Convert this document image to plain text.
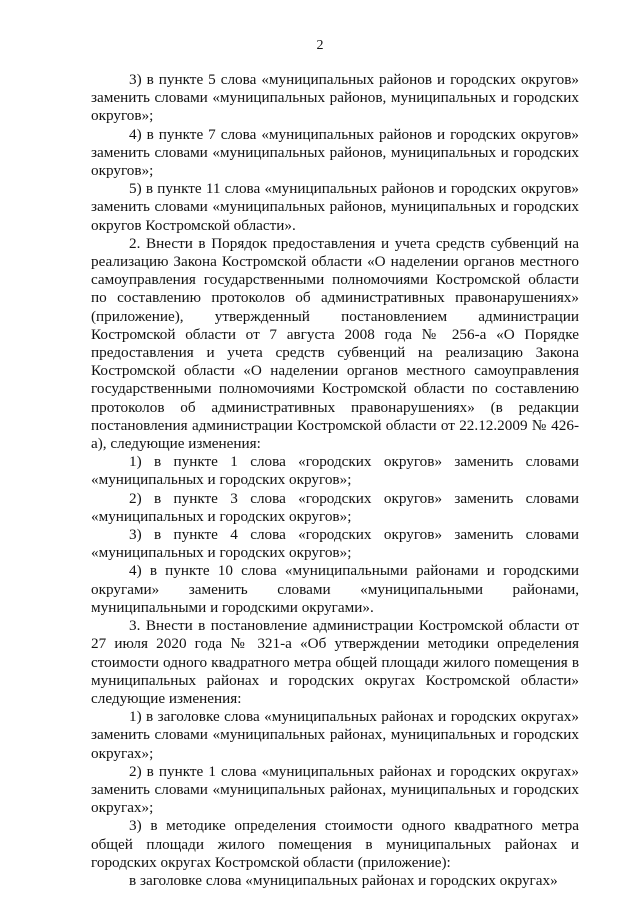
2

3) в пункте 5 слова «муниципальных районов и городских округов» заменить словами «муниципальных районов, муниципальных и городских округов»;

4) в пункте 7 слова «муниципальных районов и городских округов» заменить словами «муниципальных районов, муниципальных и городских округов»;

5) в пункте 11 слова «муниципальных районов и городских округов» заменить словами «муниципальных районов, муниципальных и городских округов Костромской области».

2. Внести в Порядок предоставления и учета средств субвенций на реализацию Закона Костромской области «О наделении органов местного самоуправления государственными полномочиями Костромской области по составлению протоколов об административных правонарушениях» (приложение), утвержденный постановлением администрации Костромской области от 7 августа 2008 года № 256-а «О Порядке предоставления и учета средств субвенций на реализацию Закона Костромской области «О наделении органов местного самоуправления государственными полномочиями Костромской области по составлению протоколов об административных правонарушениях» (в редакции постановления администрации Костромской области от 22.12.2009 № 426-а), следующие изменения:

1) в пункте 1 слова «городских округов» заменить словами «муниципальных и городских округов»;

2) в пункте 3 слова «городских округов» заменить словами «муниципальных и городских округов»;

3) в пункте 4 слова «городских округов» заменить словами «муниципальных и городских округов»;

4) в пункте 10 слова «муниципальными районами и городскими округами» заменить словами «муниципальными районами, муниципальными и городскими округами».

3. Внести в постановление администрации Костромской области от 27 июля 2020 года № 321-а «Об утверждении методики определения стоимости одного квадратного метра общей площади жилого помещения в муниципальных районах и городских округах Костромской области» следующие изменения:

1) в заголовке слова «муниципальных районах и городских округах» заменить словами «муниципальных районах, муниципальных и городских округах»;

2) в пункте 1 слова «муниципальных районах и городских округах» заменить словами «муниципальных районах, муниципальных и городских округах»;

3) в методике определения стоимости одного квадратного метра общей площади жилого помещения в муниципальных районах и городских округах Костромской области (приложение):

в заголовке слова «муниципальных районах и городских округах»
